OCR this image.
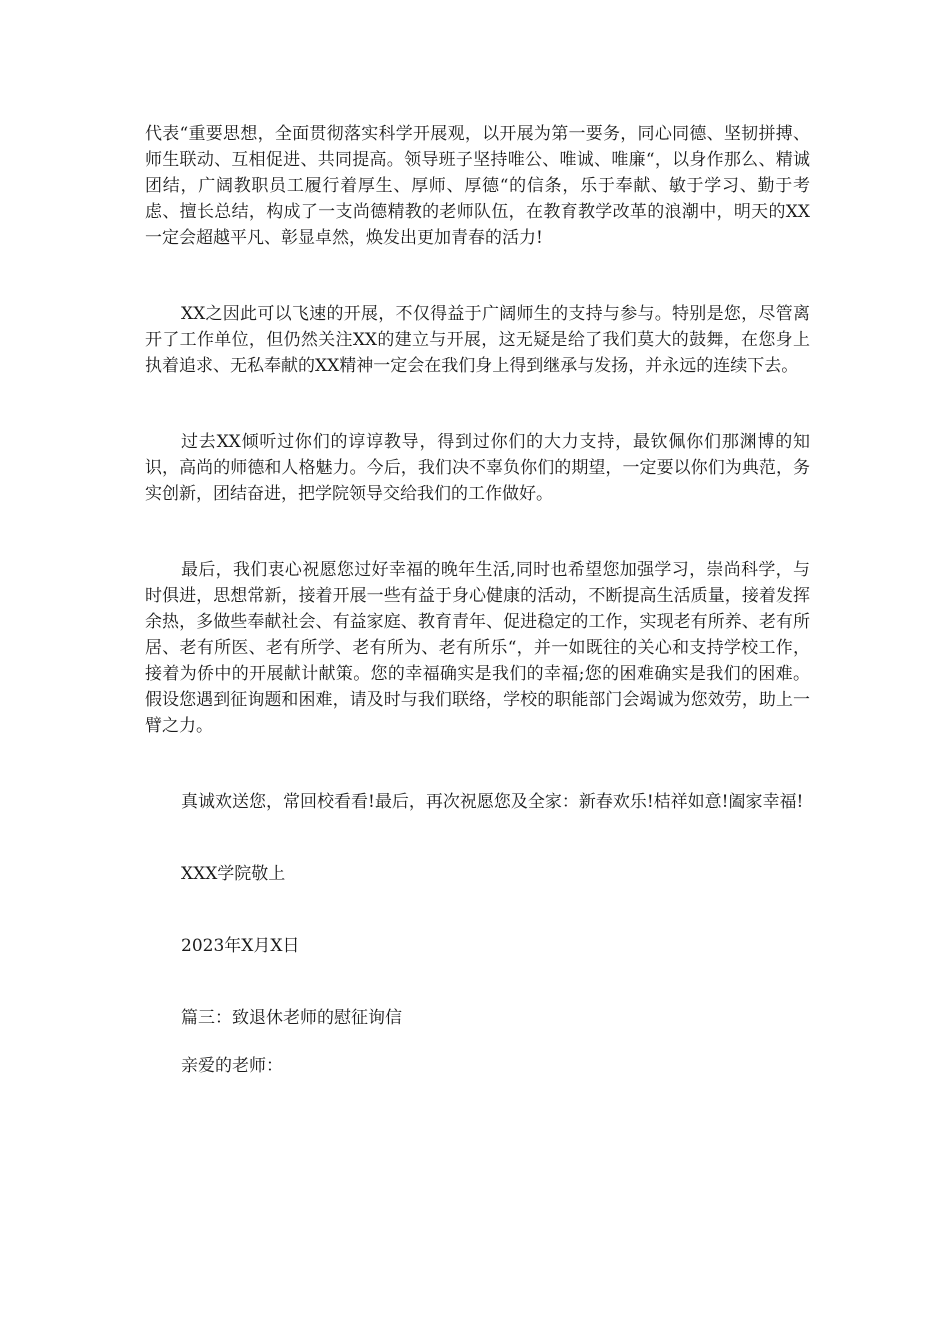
代表“重要思想，全面贯彻落实科学开展观，以开展为第一要务，同心同德、坚韧拼搏、师生联动、互相促进、共同提高。领导班子坚持唯公、唯诚、唯廉“，以身作那么、精诚团结，广阔教职员工履行着厚生、厚师、厚德“的信条，乐于奉献、敏于学习、勤于考虑、擅长总结，构成了一支尚德精教的老师队伍，在教育教学改革的浪潮中，明天的XX一定会超越平凡、彰显卓然，焕发出更加青春的活力!

XX之因此可以飞速的开展，不仅得益于广阔师生的支持与参与。特别是您，尽管离开了工作单位，但仍然关注XX的建立与开展，这无疑是给了我们莫大的鼓舞，在您身上执着追求、无私奉献的XX精神一定会在我们身上得到继承与发扬，并永远的连续下去。

过去XX倾听过你们的谆谆教导，得到过你们的大力支持，最钦佩你们那渊博的知识，高尚的师德和人格魅力。今后，我们决不辜负你们的期望，一定要以你们为典范，务实创新，团结奋进，把学院领导交给我们的工作做好。

最后，我们衷心祝愿您过好幸福的晚年生活,同时也希望您加强学习，崇尚科学，与时俱进，思想常新，接着开展一些有益于身心健康的活动，不断提高生活质量，接着发挥余热，多做些奉献社会、有益家庭、教育青年、促进稳定的工作，实现老有所养、老有所居、老有所医、老有所学、老有所为、老有所乐“，并一如既往的关心和支持学校工作，接着为侨中的开展献计献策。您的幸福确实是我们的幸福;您的困难确实是我们的困难。假设您遇到征询题和困难，请及时与我们联络，学校的职能部门会竭诚为您效劳，助上一臂之力。

真诚欢送您，常回校看看!最后，再次祝愿您及全家：新春欢乐!桔祥如意!阖家幸福!

XXX学院敬上

2023年X月X日

篇三：致退休老师的慰征询信

亲爱的老师：
